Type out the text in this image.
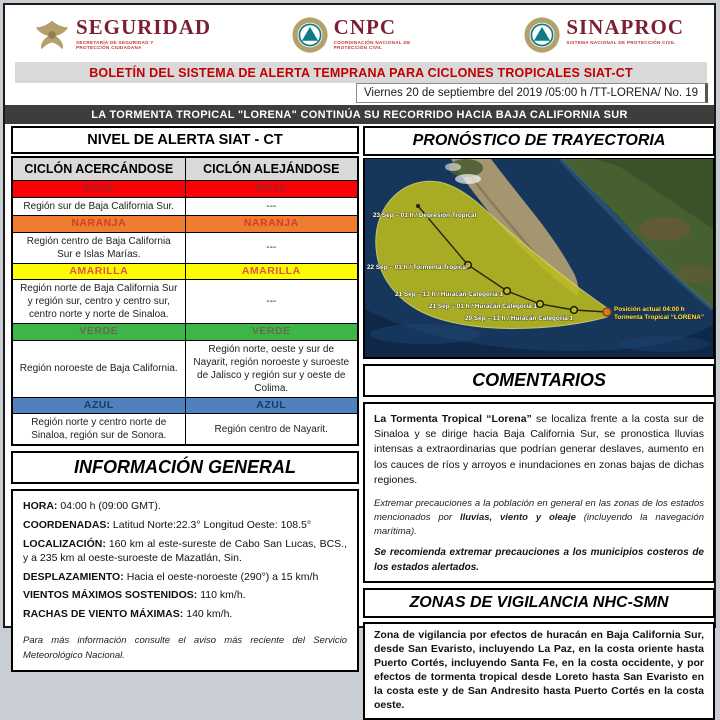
SEGURIDAD
SECRETARÍA DE SEGURIDAD Y PROTECCIÓN CIUDADANA
CNPC
COORDINACIÓN NACIONAL DE PROTECCIÓN CIVIL
SINAPROC
SISTEMA NACIONAL DE PROTECCIÓN CIVIL
BOLETÍN DEL SISTEMA DE ALERTA TEMPRANA PARA CICLONES TROPICALES SIAT-CT
Viernes 20 de septiembre del 2019 /05:00 h /TT-LORENA/ No. 19
LA TORMENTA TROPICAL "LORENA" CONTINÚA SU RECORRIDO HACIA BAJA CALIFORNIA SUR
NIVEL DE ALERTA SIAT - CT
CICLÓN ACERCÁNDOSE	CICLÓN ALEJÁNDOSE
ROJA	ROJA
Región sur de Baja California Sur.	---
NARANJA	NARANJA
Región centro de Baja California Sur e Islas Marías.	---
AMARILLA	AMARILLA
Región norte de Baja California Sur y región sur, centro y centro sur, centro norte y norte de Sinaloa.	---
VERDE	VERDE
Región noroeste de Baja California.	Región norte, oeste y sur de Nayarit, región noroeste y suroeste de Jalisco y región sur y oeste de Colima.
AZUL	AZUL
Región norte y centro norte de Sinaloa, región sur de Sonora.	Región centro de Nayarit.
INFORMACIÓN GENERAL

HORA: 04:00 h (09:00 GMT).

COORDENADAS: Latitud Norte:22.3° Longitud Oeste: 108.5°

LOCALIZACIÓN: 160 km al este-sureste de Cabo San Lucas, BCS., y a 235 km al oeste-suroeste de Mazatlán, Sin.

DESPLAZAMIENTO: Hacia el oeste-noroeste (290°) a 15 km/h

VIENTOS MÁXIMOS SOSTENIDOS: 110 km/h.

RACHAS DE VIENTO MÁXIMAS: 140 km/h.

Para más información consulte el aviso más reciente del Servicio Meteorológico Nacional.
PRONÓSTICO DE TRAYECTORIA
23 Sep – 01 h / Depresión Tropical
22 Sep – 01 h / Tormenta Tropical
21 Sep – 13 h / Huracán Categoría 1
21 Sep – 01 h / Huracán Categoría 1
20 Sep – 13 h / Huracán Categoría 1
Posición actual 04:00 h
Tormenta Tropical “LORENA”
COMENTARIOS

La Tormenta Tropical “Lorena” se localiza frente a la costa sur de Sinaloa y se dirige hacia Baja California Sur, se pronostica lluvias intensas a extraordinarias que podrían generar deslaves, aumento en los cauces de ríos y arroyos e inundaciones en zonas bajas de dichas regiones.

Extremar precauciones a la población en general en las zonas de los estados mencionados por lluvias, viento y oleaje (incluyendo la navegación marítima).

Se recomienda extremar precauciones a los municipios costeros de los estados alertados.

ZONAS DE VIGILANCIA NHC-SMN
Zona de vigilancia por efectos de huracán en Baja California Sur, desde San Evaristo, incluyendo La Paz, en la costa oriente hasta Puerto Cortés, incluyendo Santa Fe, en la costa occidente, y por efectos de tormenta tropical desde Loreto hasta San Evaristo en la costa este y de San Andresito hasta Puerto Cortés en la costa oeste.
